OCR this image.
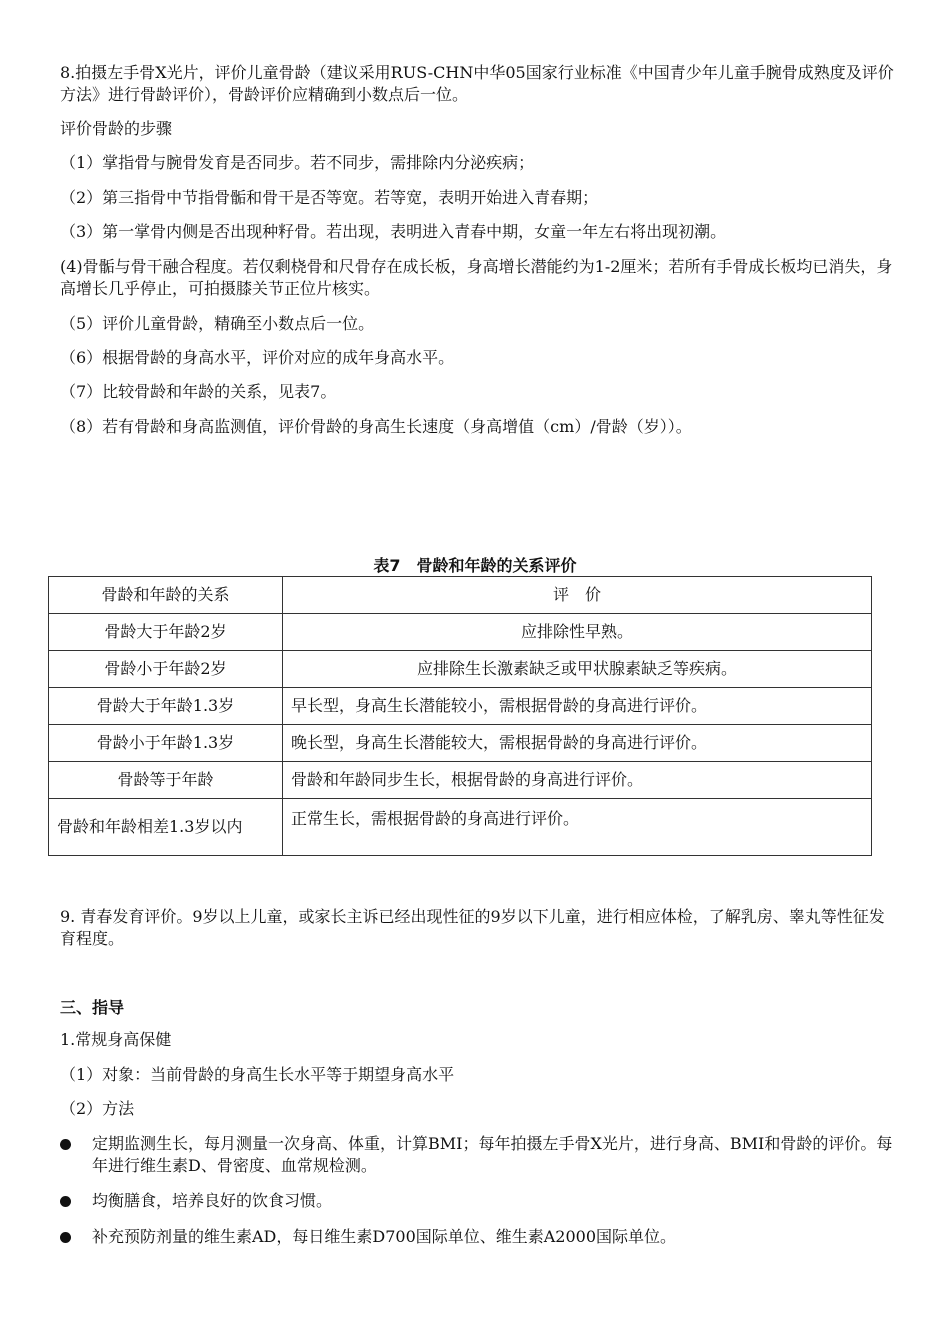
8.拍摄左手骨X光片，评价儿童骨龄（建议采用RUS-CHN中华05国家行业标准《中国青少年儿童手腕骨成熟度及评价方法》进行骨龄评价），骨龄评价应精确到小数点后一位。
评价骨龄的步骤
（1）掌指骨与腕骨发育是否同步。若不同步，需排除内分泌疾病；
（2）第三指骨中节指骨骺和骨干是否等宽。若等宽，表明开始进入青春期；
（3）第一掌骨内侧是否出现种籽骨。若出现，表明进入青春中期，女童一年左右将出现初潮。
(4)骨骺与骨干融合程度。若仅剩桡骨和尺骨存在成长板，身高增长潜能约为1-2厘米；若所有手骨成长板均已消失，身高增长几乎停止，可拍摄膝关节正位片核实。
（5）评价儿童骨龄，精确至小数点后一位。
（6）根据骨龄的身高水平，评价对应的成年身高水平。
（7）比较骨龄和年龄的关系，见表7。
（8）若有骨龄和身高监测值，评价骨龄的身高生长速度（身高增值（cm）/骨龄（岁））。
表7　骨龄和年龄的关系评价
骨龄和年龄的关系	评　价
骨龄大于年龄2岁	应排除性早熟。
骨龄小于年龄2岁	应排除生长激素缺乏或甲状腺素缺乏等疾病。
骨龄大于年龄1.3岁	早长型，身高生长潜能较小，需根据骨龄的身高进行评价。
骨龄小于年龄1.3岁	晚长型，身高生长潜能较大，需根据骨龄的身高进行评价。
骨龄等于年龄	骨龄和年龄同步生长，根据骨龄的身高进行评价。
骨龄和年龄相差1.3岁以内	正常生长，需根据骨龄的身高进行评价。
9. 青春发育评价。9岁以上儿童，或家长主诉已经出现性征的9岁以下儿童，进行相应体检，了解乳房、睾丸等性征发育程度。
三、指导
1.常规身高保健
（1）对象：当前骨龄的身高生长水平等于期望身高水平
（2）方法
定期监测生长，每月测量一次身高、体重，计算BMI；每年拍摄左手骨X光片，进行身高、BMI和骨龄的评价。每年进行维生素D、骨密度、血常规检测。
均衡膳食，培养良好的饮食习惯。
补充预防剂量的维生素AD，每日维生素D700国际单位、维生素A2000国际单位。
